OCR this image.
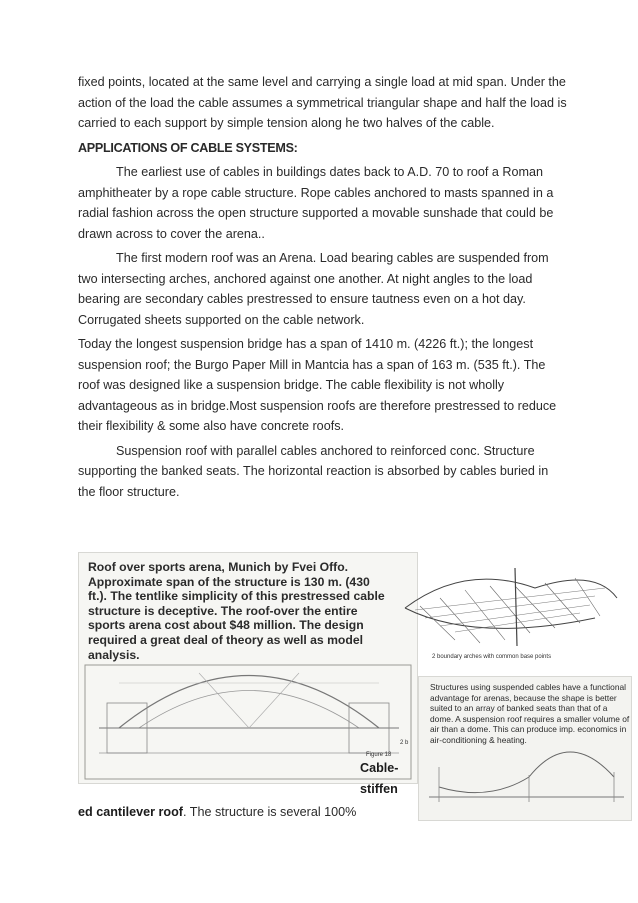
fixed points, located at the same level and carrying a single load at mid span. Under the action of the load the cable assumes a symmetrical triangular shape and half the load is carried to each support by simple tension along he two halves of the cable.

APPLICATIONS OF CABLE SYSTEMS:

The earliest use of cables in buildings dates back to A.D. 70 to roof a Roman amphitheater by a rope cable structure. Rope cables anchored to masts spanned in a radial fashion across the open structure supported a movable sunshade that could be drawn across to cover the arena..

The first modern roof was an Arena. Load bearing cables are suspended from two intersecting arches, anchored against one another. At night angles to the load bearing are secondary cables prestressed to ensure tautness even on a hot day. Corrugated sheets supported on the cable network.

Today the longest suspension bridge has a span of 1410 m. (4226 ft.); the longest suspension roof; the Burgo Paper Mill in Mantcia has a span of 163 m. (535 ft.). The roof was designed like a suspension bridge. The cable flexibility is not wholly advantageous as in bridge.Most suspension roofs are therefore prestressed to reduce their flexibility & some also have concrete roofs.

Suspension roof with parallel cables anchored to reinforced conc. Structure supporting the banked seats. The horizontal reaction is absorbed by cables buried in the floor structure.

Roof over sports arena, Munich by Fvei Offo. Approximate span of the structure is 130 m. (430 ft.). The tentlike simplicity of this prestressed cable structure is deceptive. The roof-over the entire sports arena cost about $48 million. The design required a great deal of theory as well as model analysis.	2 boundary arches with common base points
Structures using suspended cables have a functional advantage for arenas, because the shape is better suited to an array of banked seats than that of a dome. A suspension roof requires a smaller volume of air than a dome. This can produce imp. economics in air-conditioning & heating.
2 b
Figure 18
Cable-
stiffen
ed cantilever roof. The structure is several 100%
